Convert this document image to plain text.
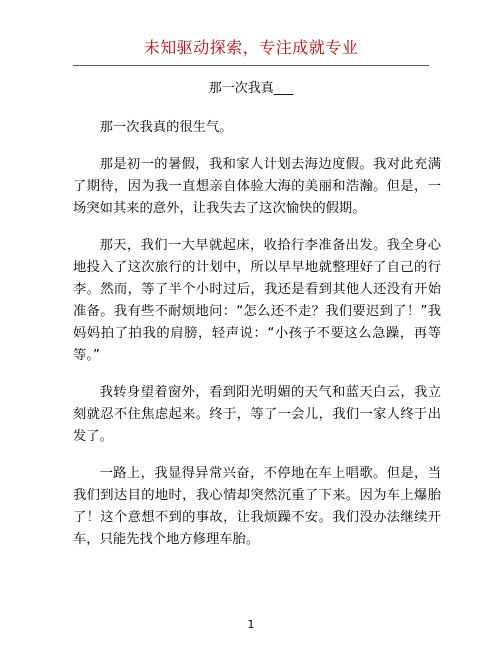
未知驱动探索，专注成就专业
那一次我真___

那一次我真的很生气。

那是初一的暑假，我和家人计划去海边度假。我对此充满了期待，因为我一直想亲自体验大海的美丽和浩瀚。但是，一场突如其来的意外，让我失去了这次愉快的假期。

那天，我们一大早就起床，收拾行李准备出发。我全身心地投入了这次旅行的计划中，所以早早地就整理好了自己的行李。然而，等了半个小时过后，我还是看到其他人还没有开始准备。我有些不耐烦地问：“怎么还不走？我们要迟到了！”我妈妈拍了拍我的肩膀，轻声说：“小孩子不要这么急躁，再等等。”

我转身望着窗外，看到阳光明媚的天气和蓝天白云，我立刻就忍不住焦虑起来。终于，等了一会儿，我们一家人终于出发了。

一路上，我显得异常兴奋，不停地在车上唱歌。但是，当我们到达目的地时，我心情却突然沉重了下来。因为车上爆胎了！这个意想不到的事故，让我烦躁不安。我们没办法继续开车，只能先找个地方修理车胎。

1
